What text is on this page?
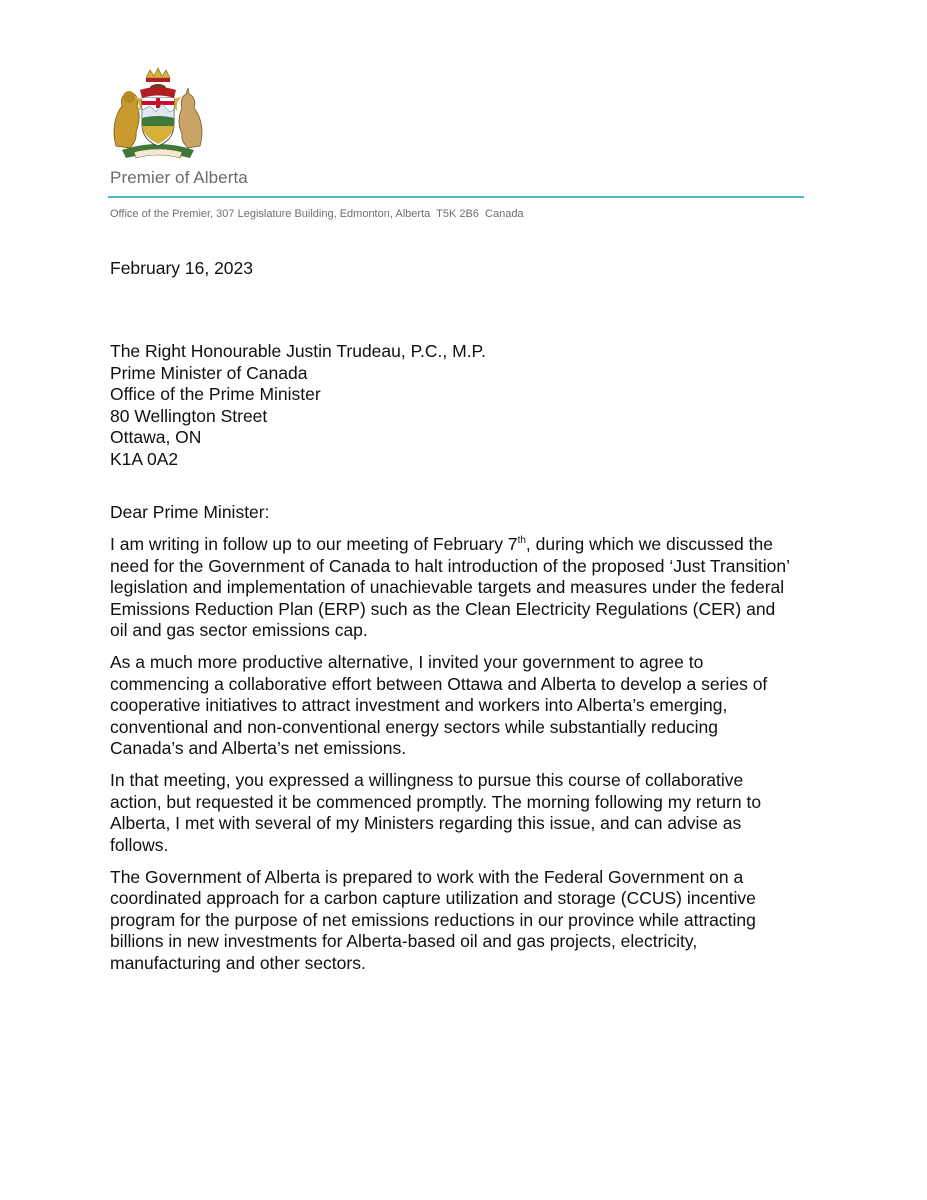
Premier of Alberta
Office of the Premier, 307 Legislature Building, Edmonton, Alberta  T5K 2B6  Canada
February 16, 2023
The Right Honourable Justin Trudeau, P.C., M.P.
Prime Minister of Canada
Office of the Prime Minister
80 Wellington Street
Ottawa, ON
K1A 0A2
Dear Prime Minister:
I am writing in follow up to our meeting of February 7th, during which we discussed the
need for the Government of Canada to halt introduction of the proposed ‘Just Transition’
legislation and implementation of unachievable targets and measures under the federal
Emissions Reduction Plan (ERP) such as the Clean Electricity Regulations (CER) and
oil and gas sector emissions cap.
As a much more productive alternative, I invited your government to agree to
commencing a collaborative effort between Ottawa and Alberta to develop a series of
cooperative initiatives to attract investment and workers into Alberta’s emerging,
conventional and non-conventional energy sectors while substantially reducing
Canada’s and Alberta’s net emissions.
In that meeting, you expressed a willingness to pursue this course of collaborative
action, but requested it be commenced promptly. The morning following my return to
Alberta, I met with several of my Ministers regarding this issue, and can advise as
follows.
The Government of Alberta is prepared to work with the Federal Government on a
coordinated approach for a carbon capture utilization and storage (CCUS) incentive
program for the purpose of net emissions reductions in our province while attracting
billions in new investments for Alberta-based oil and gas projects, electricity,
manufacturing and other sectors.
